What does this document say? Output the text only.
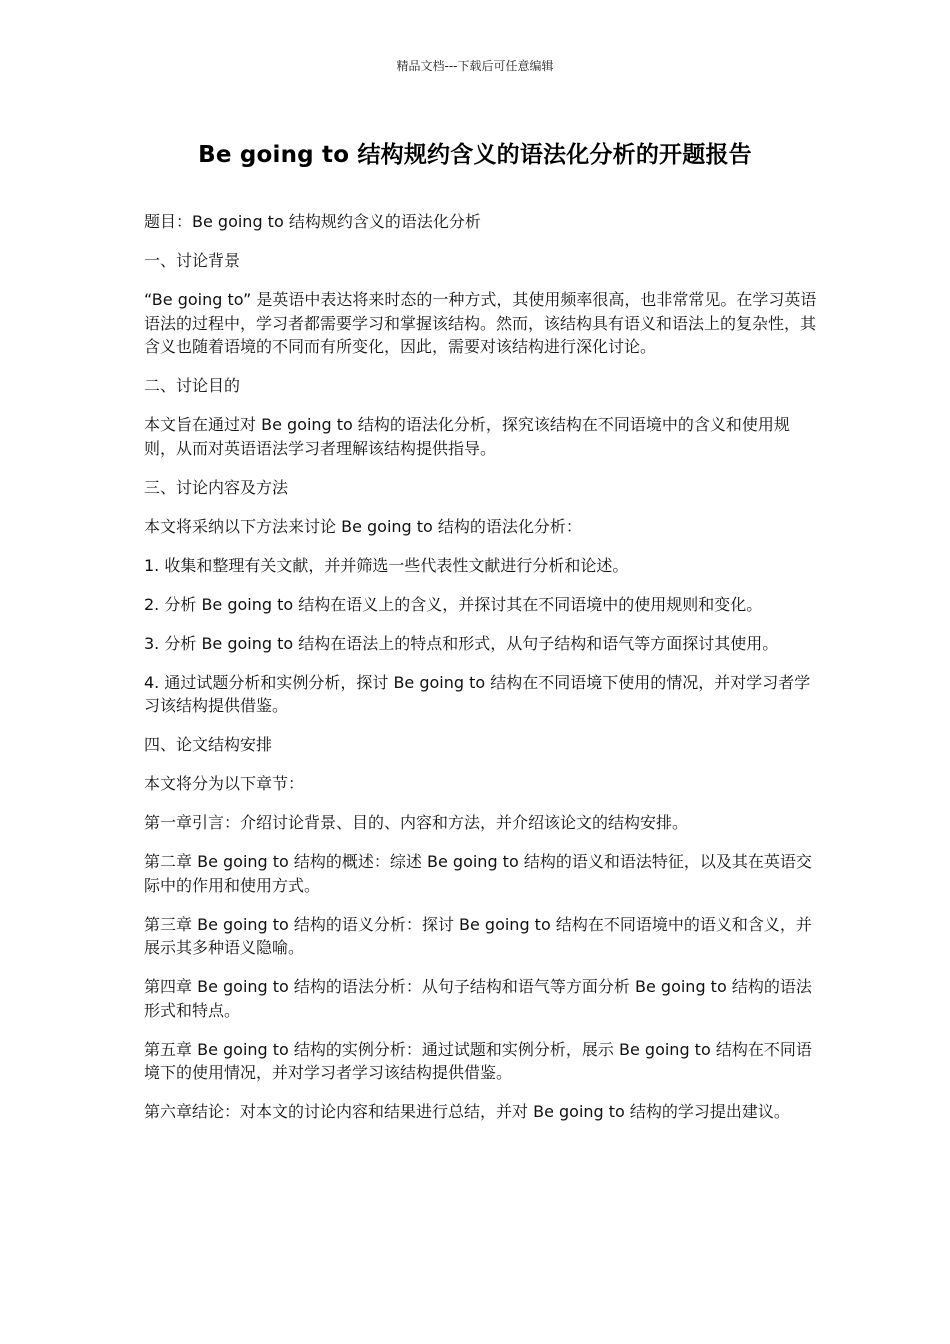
精品文档---下载后可任意编辑
Be going to 结构规约含义的语法化分析的开题报告

题目：Be going to 结构规约含义的语法化分析

一、讨论背景

“Be going to” 是英语中表达将来时态的一种方式，其使用频率很高，也非常常见。在学习英语语法的过程中，学习者都需要学习和掌握该结构。然而，该结构具有语义和语法上的复杂性，其含义也随着语境的不同而有所变化，因此，需要对该结构进行深化讨论。

二、讨论目的

本文旨在通过对 Be going to 结构的语法化分析，探究该结构在不同语境中的含义和使用规则，从而对英语语法学习者理解该结构提供指导。

三、讨论内容及方法

本文将采纳以下方法来讨论 Be going to 结构的语法化分析：

1. 收集和整理有关文献，并并筛选一些代表性文献进行分析和论述。

2. 分析 Be going to 结构在语义上的含义，并探讨其在不同语境中的使用规则和变化。

3. 分析 Be going to 结构在语法上的特点和形式，从句子结构和语气等方面探讨其使用。

4. 通过试题分析和实例分析，探讨 Be going to 结构在不同语境下使用的情况，并对学习者学习该结构提供借鉴。

四、论文结构安排

本文将分为以下章节：

第一章引言：介绍讨论背景、目的、内容和方法，并介绍该论文的结构安排。

第二章 Be going to 结构的概述：综述 Be going to 结构的语义和语法特征，以及其在英语交际中的作用和使用方式。

第三章 Be going to 结构的语义分析：探讨 Be going to 结构在不同语境中的语义和含义，并展示其多种语义隐喻。

第四章 Be going to 结构的语法分析：从句子结构和语气等方面分析 Be going to 结构的语法形式和特点。

第五章 Be going to 结构的实例分析：通过试题和实例分析，展示 Be going to 结构在不同语境下的使用情况，并对学习者学习该结构提供借鉴。

第六章结论：对本文的讨论内容和结果进行总结，并对 Be going to 结构的学习提出建议。
